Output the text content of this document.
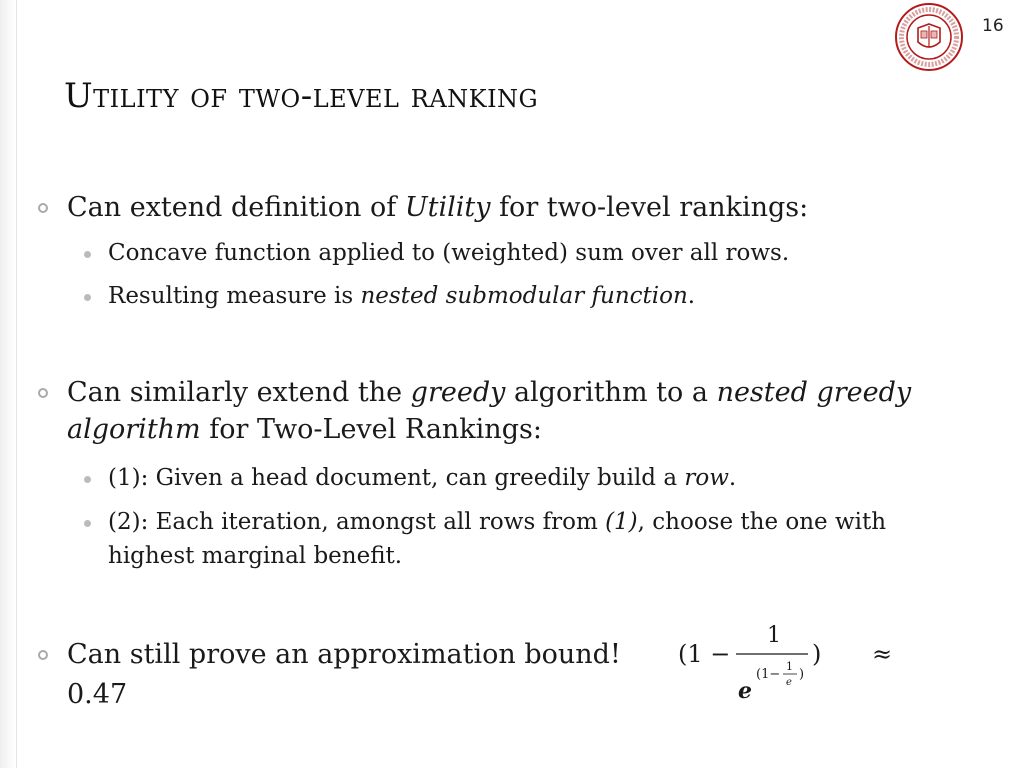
16
Utility of two-level ranking
Can extend definition of Utility for two-level rankings:
Concave function applied to (weighted) sum over all rows.
Resulting measure is nested submodular function.
Can similarly extend the greedy algorithm to a nested greedy algorithm for Two-Level Rankings:
(1): Given a head document, can greedily build a row.
(2): Each iteration, amongst all rows from (1), choose the one with highest marginal benefit.
Can still prove an approximation bound!
0.47
(1 −
1
e
(1−
1
e
)
) ≈
